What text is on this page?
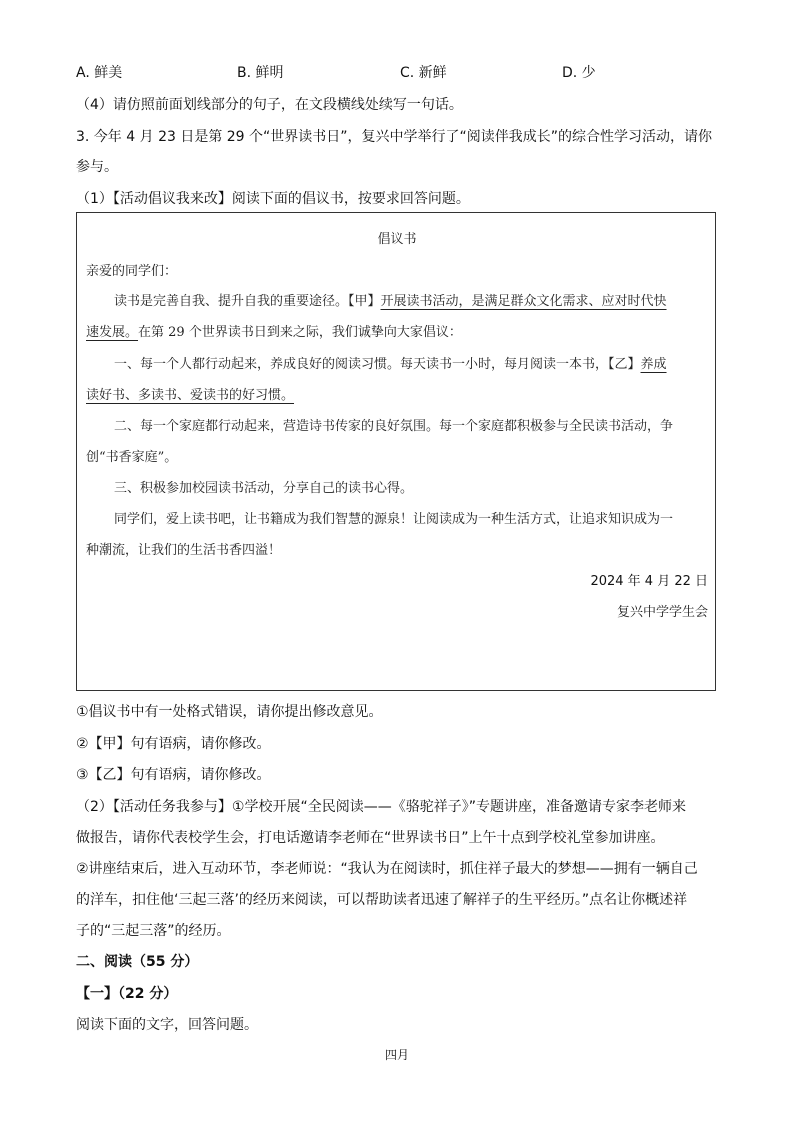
A. 鲜美	B. 鲜明	C. 新鲜	D. 少
（4）请仿照前面划线部分的句子，在文段横线处续写一句话。
3. 今年 4 月 23 日是第 29 个“世界读书日”，复兴中学举行了“阅读伴我成长”的综合性学习活动，请你
参与。
（1）【活动倡议我来改】阅读下面的倡议书，按要求回答问题。
倡议书
亲爱的同学们：
读书是完善自我、提升自我的重要途径。【甲】开展读书活动，是满足群众文化需求、应对时代快
速发展。在第 29 个世界读书日到来之际，我们诚挚向大家倡议：
一、每一个人都行动起来，养成良好的阅读习惯。每天读书一小时，每月阅读一本书，【乙】养成
读好书、多读书、爱读书的好习惯。
二、每一个家庭都行动起来，营造诗书传家的良好氛围。每一个家庭都积极参与全民读书活动，争
创“书香家庭”。
三、积极参加校园读书活动，分享自己的读书心得。
同学们，爱上读书吧，让书籍成为我们智慧的源泉！让阅读成为一种生活方式，让追求知识成为一
种潮流，让我们的生活书香四溢！
2024 年 4 月 22 日
复兴中学学生会
①倡议书中有一处格式错误，请你提出修改意见。
②【甲】句有语病，请你修改。
③【乙】句有语病，请你修改。
（2）【活动任务我参与】①学校开展“全民阅读——《骆驼祥子》”专题讲座，准备邀请专家李老师来
做报告，请你代表校学生会，打电话邀请李老师在“世界读书日”上午十点到学校礼堂参加讲座。
②讲座结束后，进入互动环节，李老师说：“我认为在阅读时，抓住祥子最大的梦想——拥有一辆自己
的洋车，扣住他‘三起三落’的经历来阅读，可以帮助读者迅速了解祥子的生平经历。”点名让你概述祥
子的“三起三落”的经历。
二、阅读（55 分）
【一】（22 分）
阅读下面的文字，回答问题。
四月
